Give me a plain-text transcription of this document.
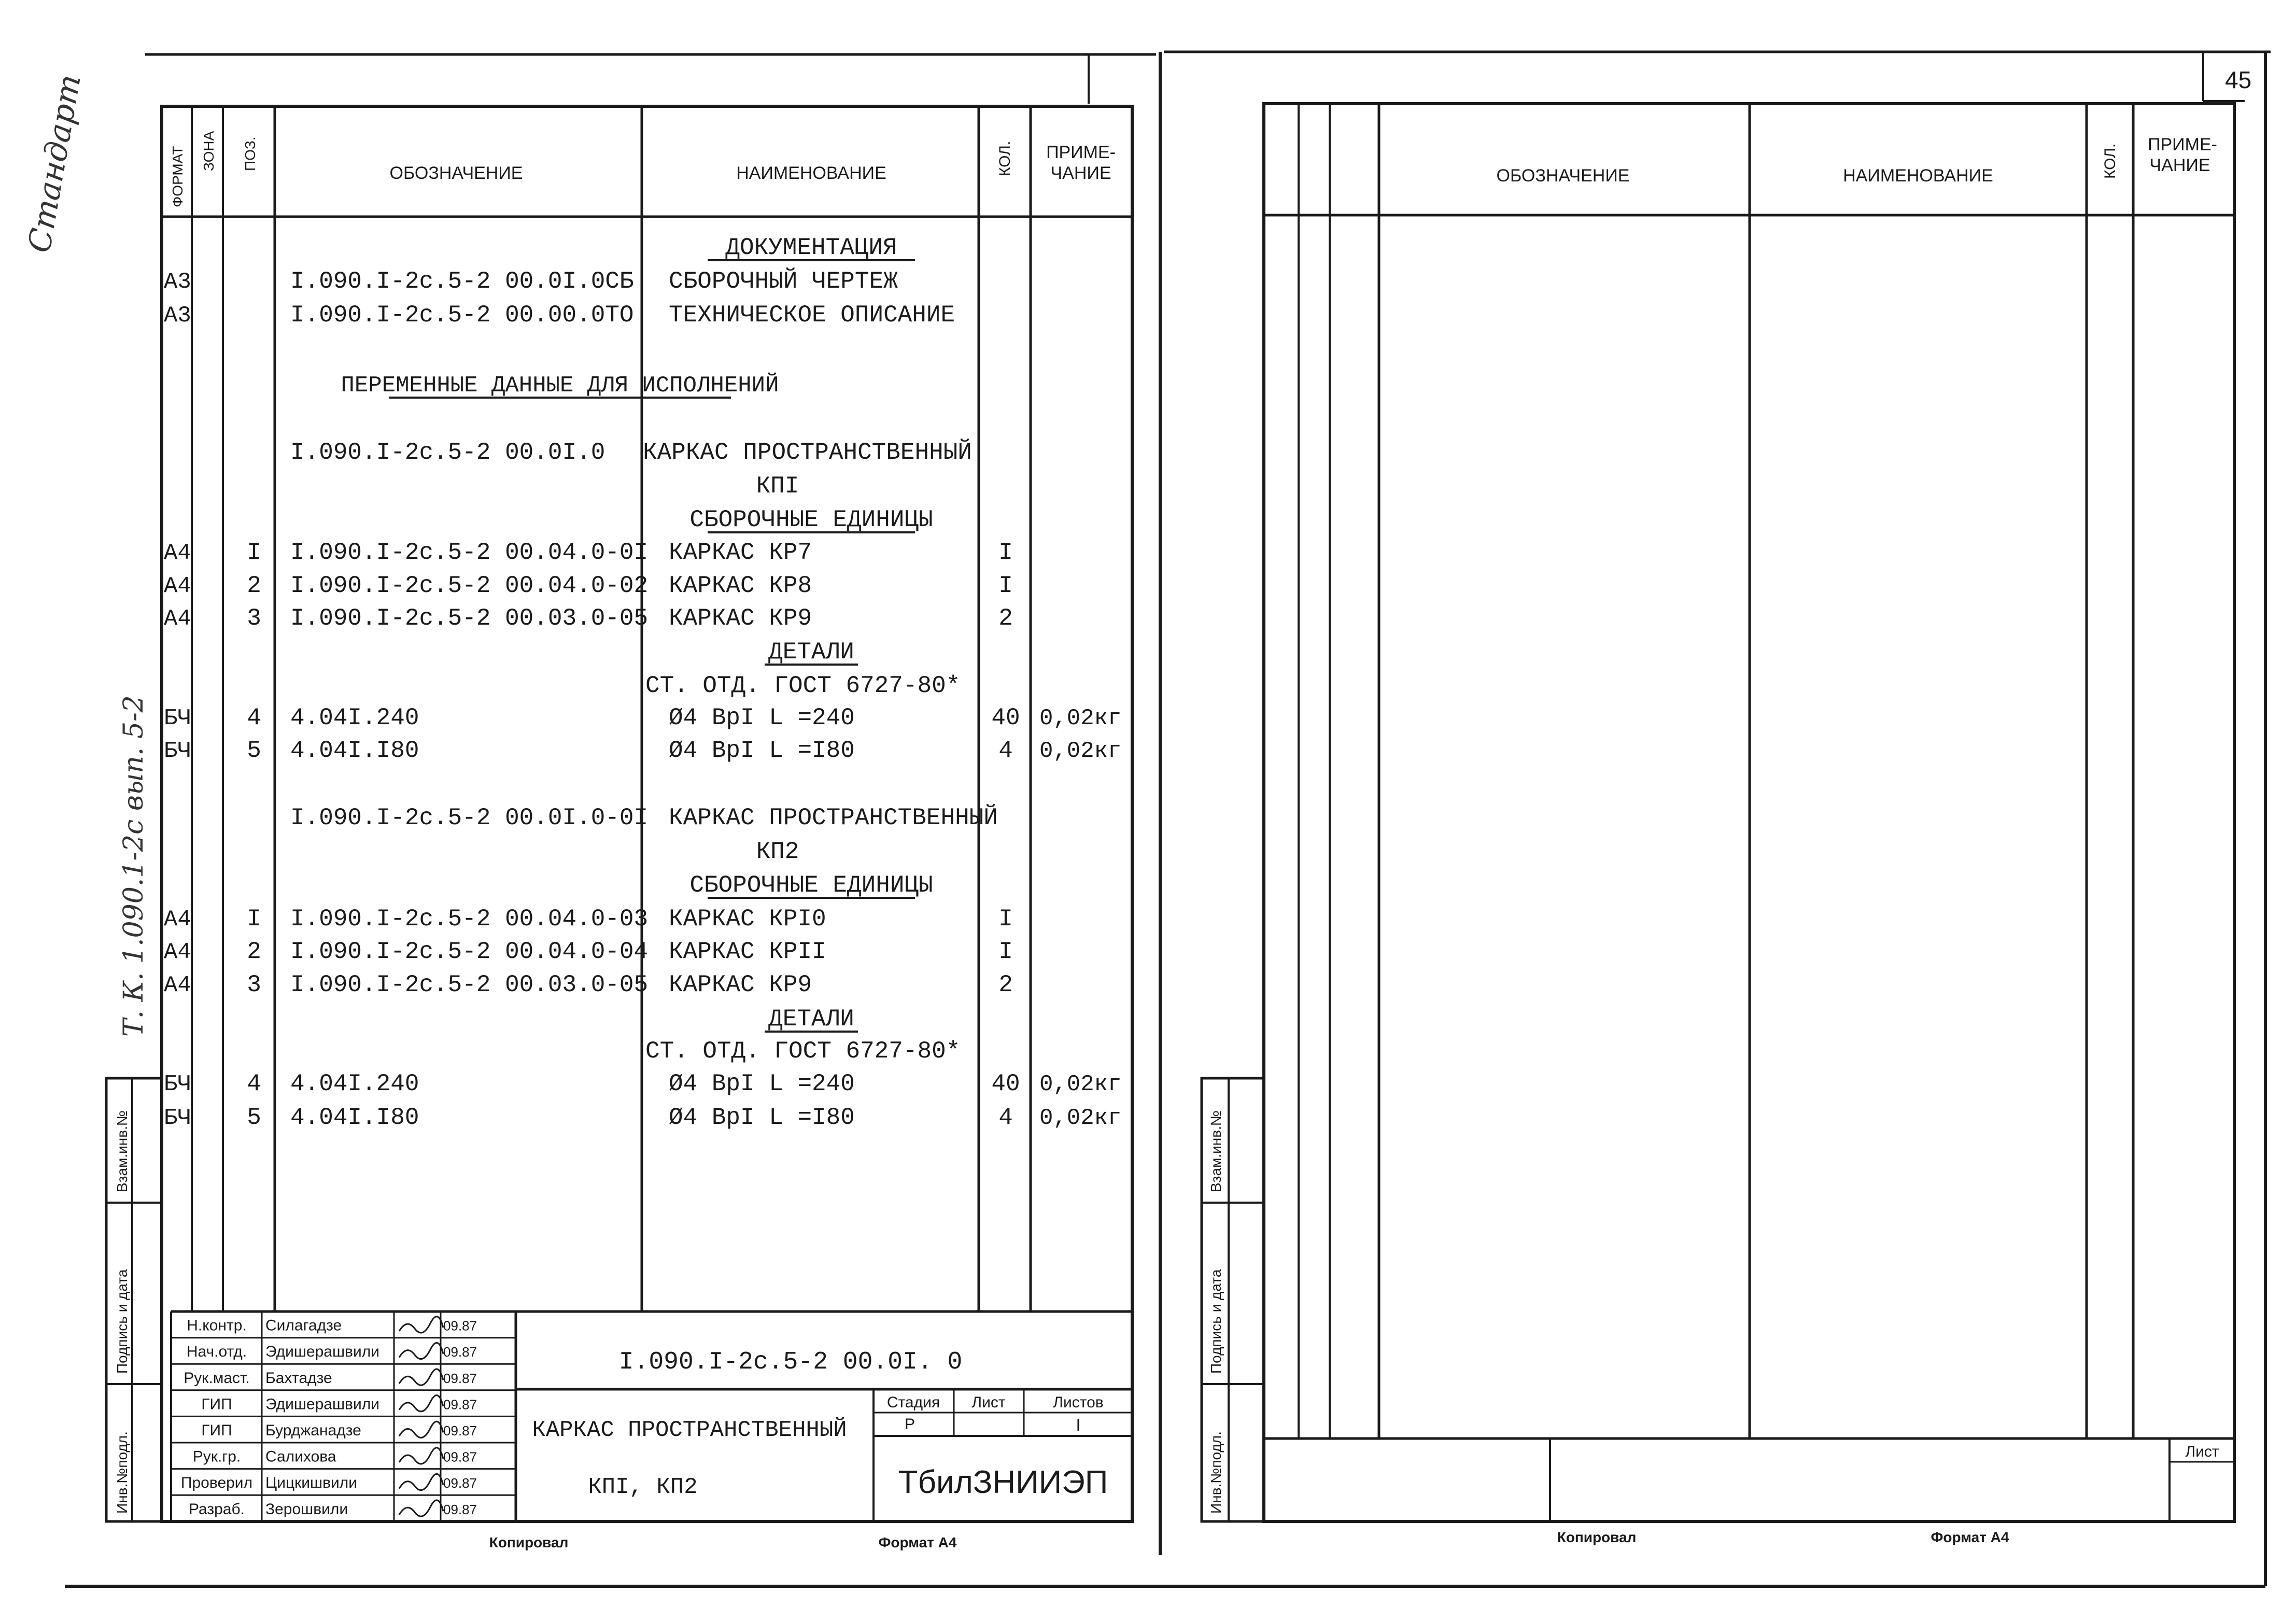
Стандарт
Т. К. 1.090.1-2с вып. 5-2
45
Взам.инв.№
Подпись и дата
Инв.№подл.
ФОРМАТ ЗОНА ПОЗ.
ОБОЗНАЧЕНИЕ	НАИМЕНОВАНИЕ	КОЛ. ПРИМЕ-
ЧАНИЕ
ДОКУМЕНТАЦИЯ
А3	I.090.I-2с.5-2 00.0I.0СБ СБОРОЧНЫЙ ЧЕРТЕЖ
А3	I.090.I-2с.5-2 00.00.0ТО ТЕХНИЧЕСКОЕ ОПИСАНИЕ
ПЕРЕМЕННЫЕ ДАННЫЕ ДЛЯ ИСПОЛНЕНИЙ
I.090.I-2с.5-2 00.0I.0 КАРКАС ПРОСТРАНСТВЕННЫЙ
КПI
СБОРОЧНЫЕ ЕДИНИЦЫ
А4 I I.090.I-2с.5-2 00.04.0-0I КАРКАС КР7	I
А4 2 I.090.I-2с.5-2 00.04.0-02 КАРКАС КР8	I
А4 3 I.090.I-2с.5-2 00.03.0-05 КАРКАС КР9	2
ДЕТАЛИ
СТ. ОТД. ГОСТ 6727-80*
БЧ 4 4.04I.240	Ø4 ВрI L =240	40 0,02кг
БЧ 5 4.04I.I80	Ø4 ВрI L =I80	4 0,02кг
I.090.I-2с.5-2 00.0I.0-0I КАРКАС ПРОСТРАНСТВЕННЫЙ
КП2
СБОРОЧНЫЕ ЕДИНИЦЫ
А4 I I.090.I-2с.5-2 00.04.0-03 КАРКАС КРI0	I
А4 2 I.090.I-2с.5-2 00.04.0-04 КАРКАС КРII	I
А4 3 I.090.I-2с.5-2 00.03.0-05 КАРКАС КР9	2
ДЕТАЛИ
СТ. ОТД. ГОСТ 6727-80*
БЧ 4 4.04I.240	Ø4 ВрI L =240	40 0,02кг
БЧ 5 4.04I.I80	Ø4 ВрI L =I80	4 0,02кг
Н.контр. Силагадзе	09.87
Нач.отд. Эдишерашвили	09.87
Рук.маст. Бахтадзе	09.87
ГИП Эдишерашвили	09.87
ГИП Бурджанадзе	09.87
Рук.гр. Салихова	09.87
Проверил Цицкишвили	09.87
Разраб. Зерошвили	09.87
I.090.I-2с.5-2 00.0I. 0
КАРКАС ПРОСТРАНСТВЕННЫЙ
КПI, КП2
Стадия Лист	Листов
Р	I
ТбилЗНИИЭП
Копировал	Формат А4
Взам.инв.№
Подпись и дата
Инв.№подл.
ОБОЗНАЧЕНИЕ	НАИМЕНОВАНИЕ	КОЛ. ПРИМЕ-
ЧАНИЕ
Лист
Копировал	Формат А4
